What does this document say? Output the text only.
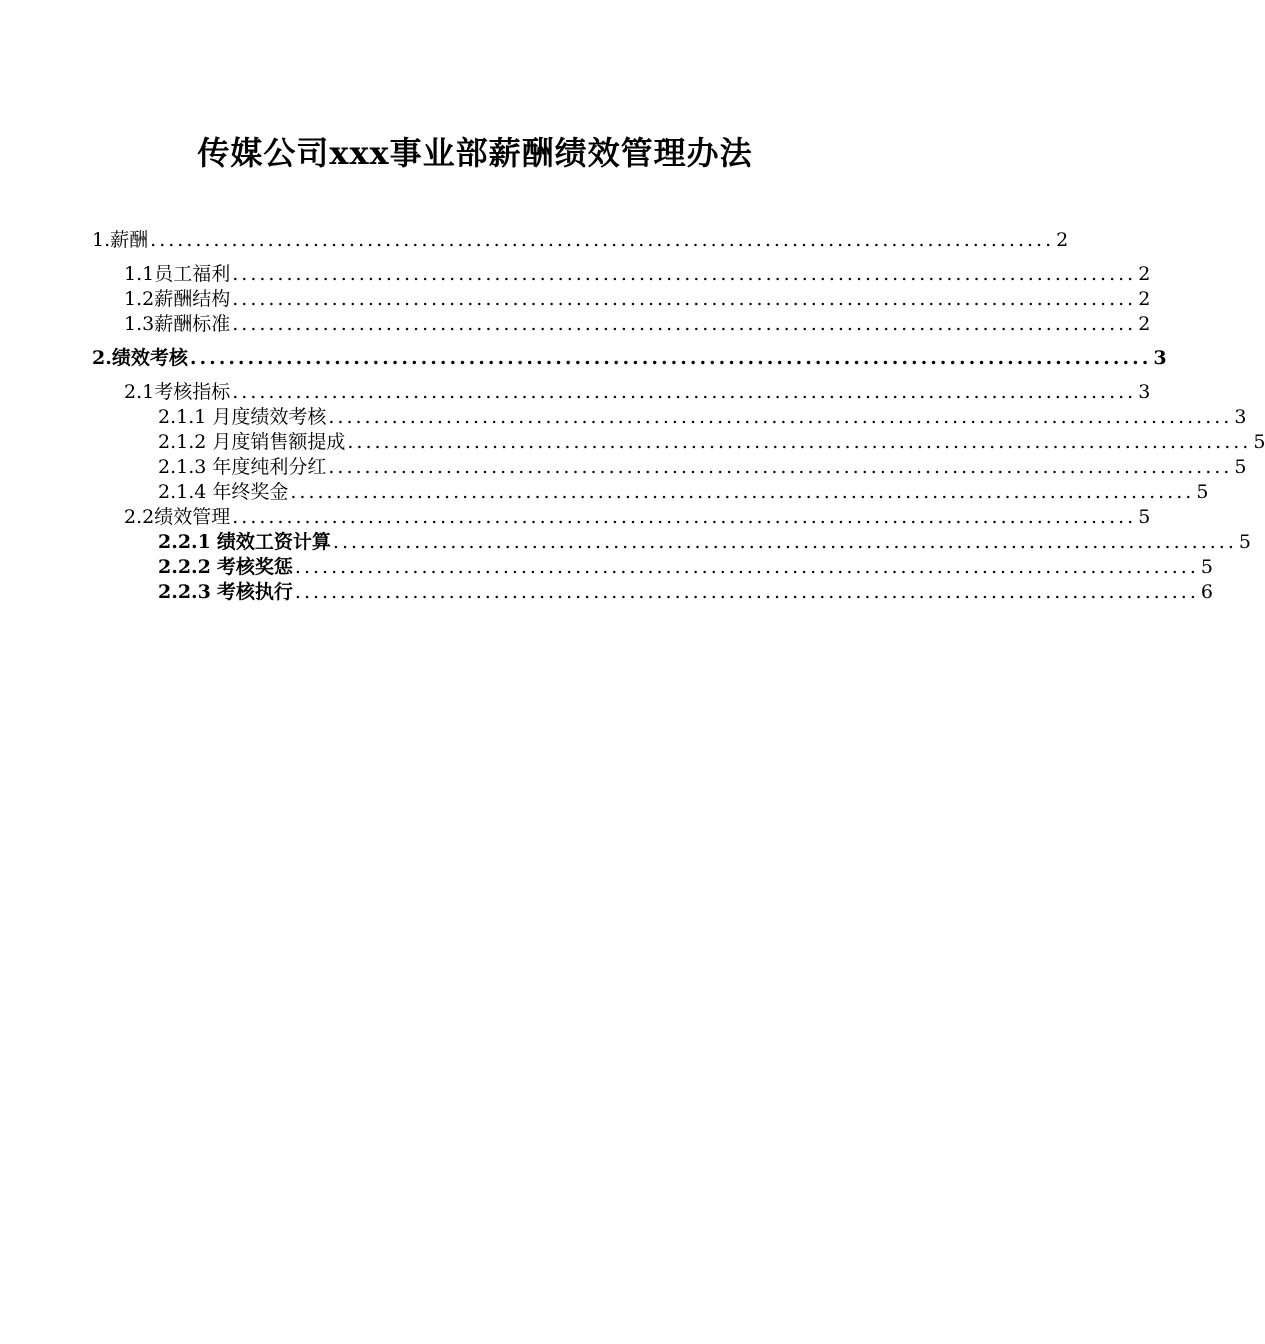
传媒公司xxx事业部薪酬绩效管理办法
1. 薪酬 .................................................................................................... 2
1.1 员工福利 .................................................................................................... 2
1.2 薪酬结构 .................................................................................................... 2
1.3 薪酬标准 .................................................................................................... 2
2. 绩效考核 .................................................................................................... 3
2.1 考核指标 .................................................................................................... 3
2.1.1 月度绩效考核 .................................................................................................... 3
2.1.2 月度销售额提成 .................................................................................................... 5
2.1.3 年度纯利分红 .................................................................................................... 5
2.1.4 年终奖金 .................................................................................................... 5
2.2 绩效管理 .................................................................................................... 5
2.2.1 绩效工资计算 .................................................................................................... 5
2.2.2 考核奖惩 .................................................................................................... 5
2.2.3 考核执行 .................................................................................................... 6
